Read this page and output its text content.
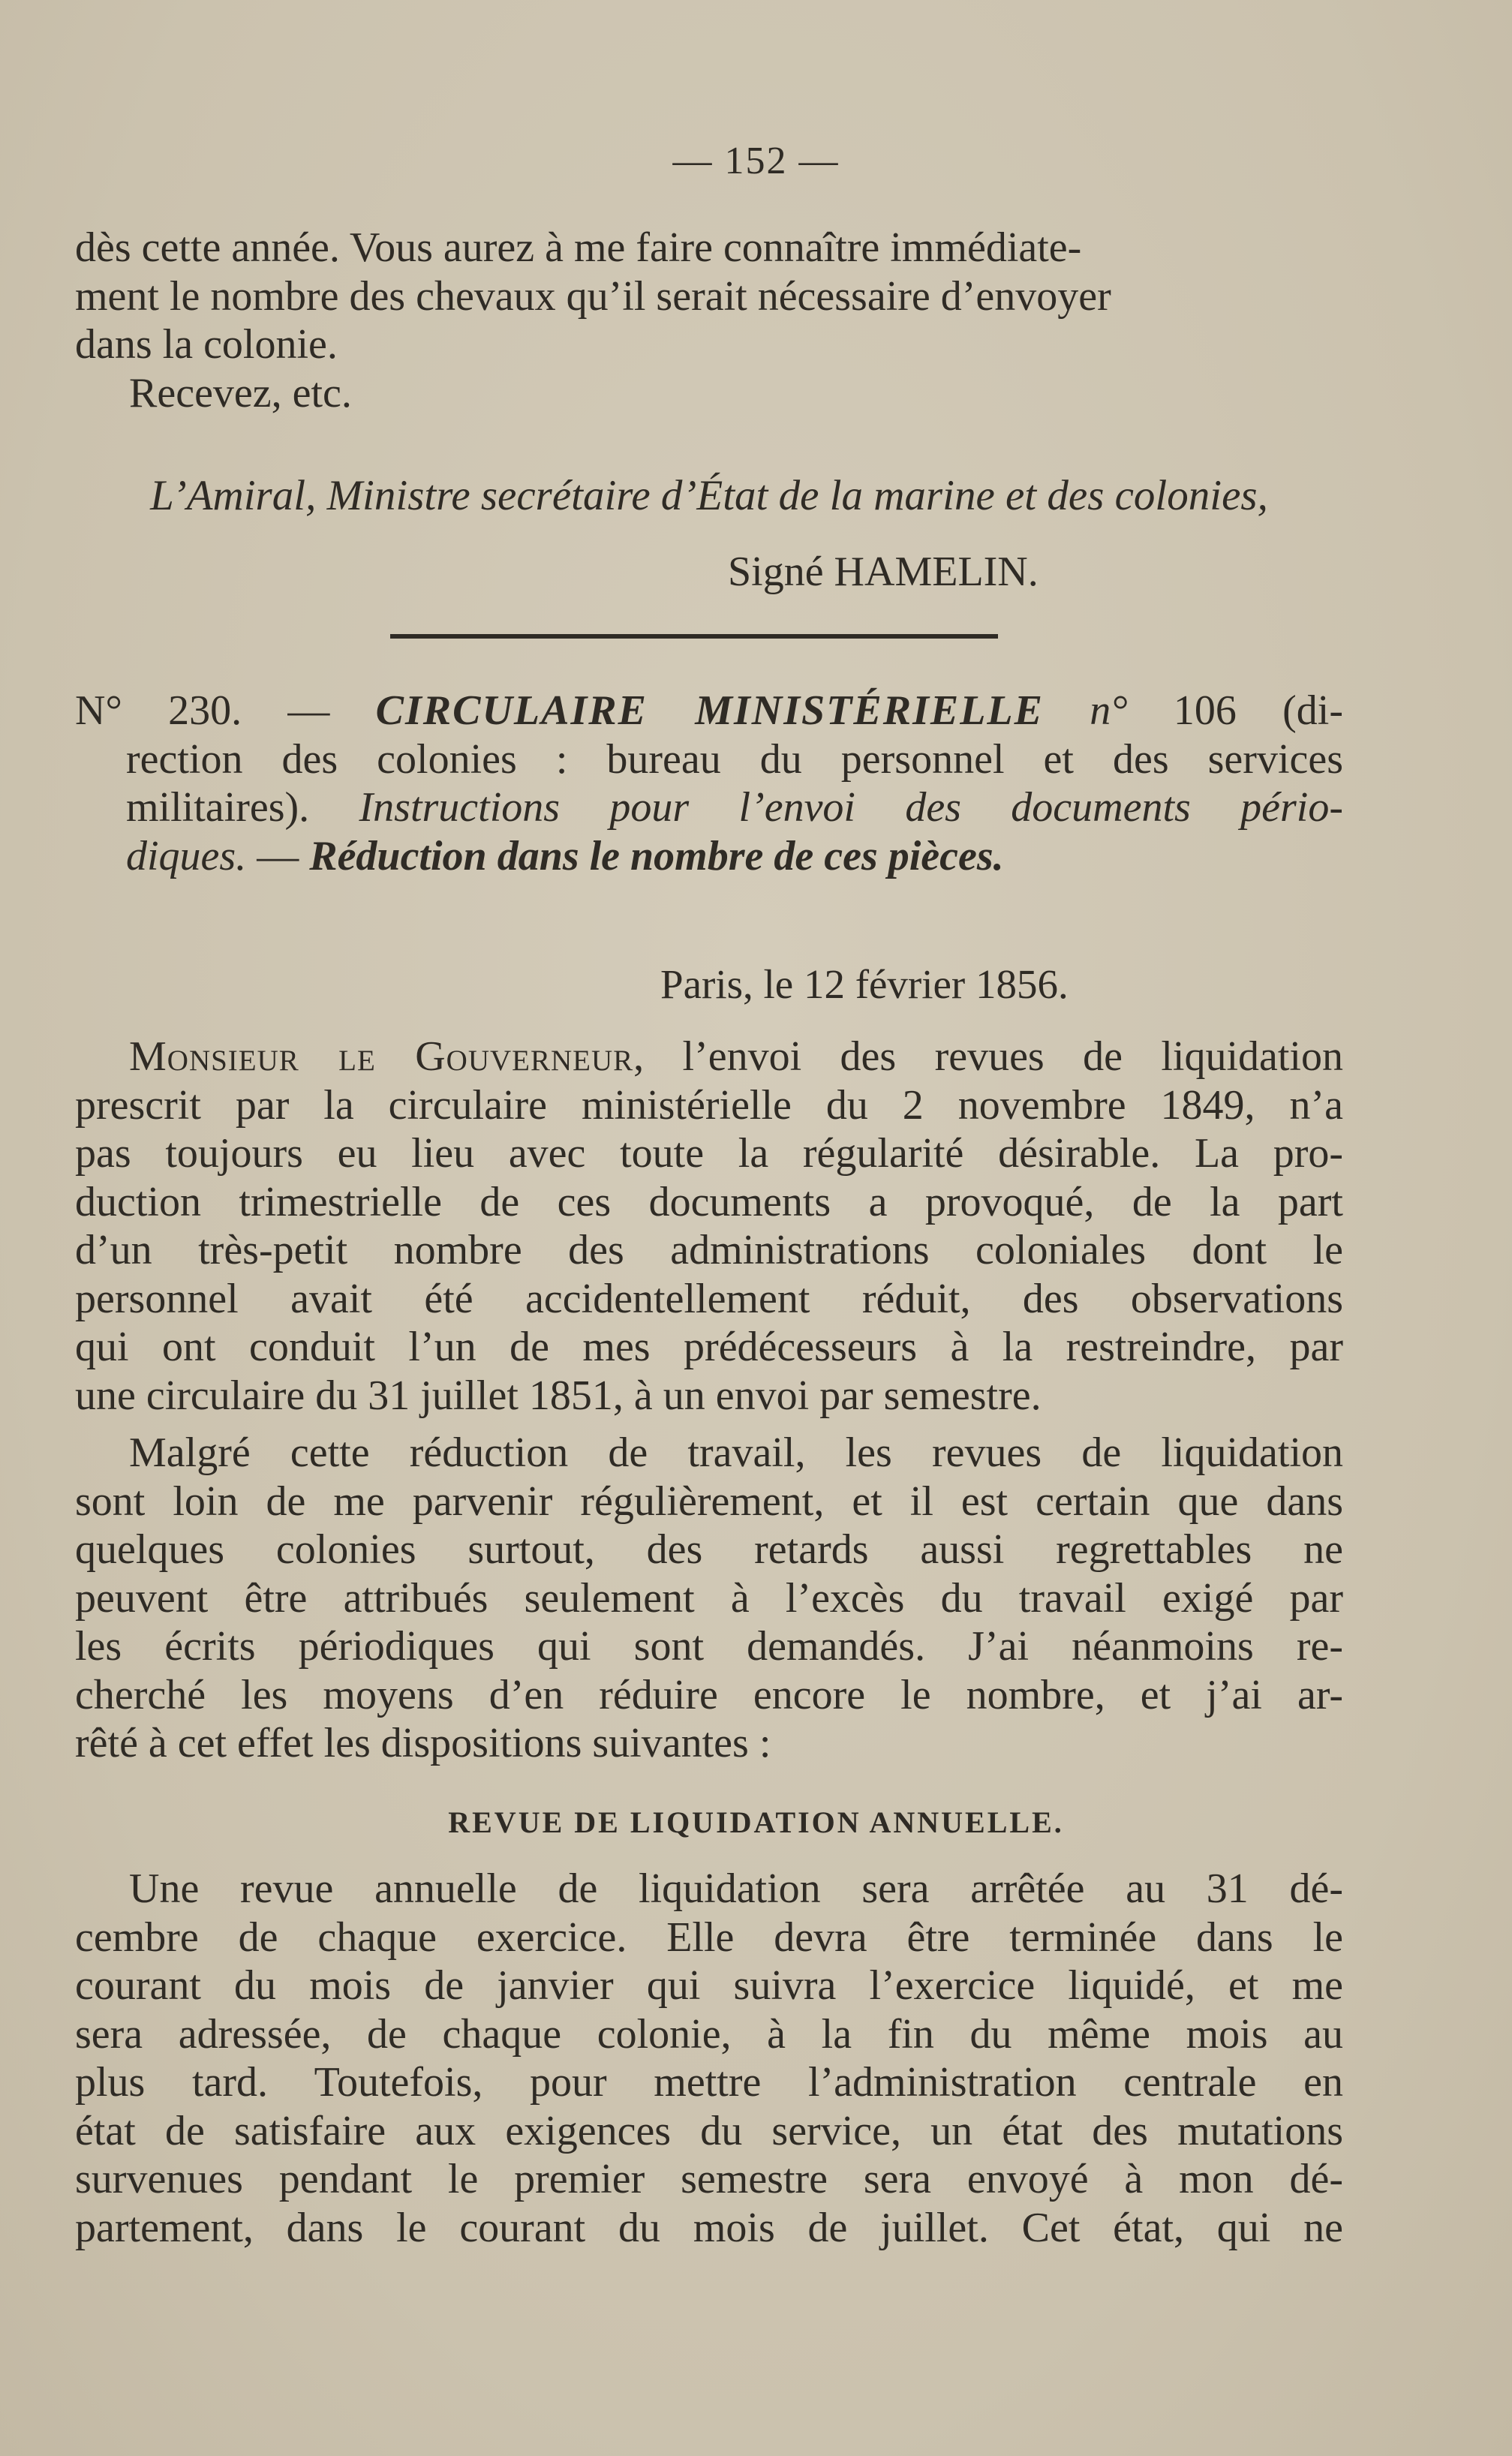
— 152 —
dès cette année. Vous aurez à me faire connaître immédiate-
ment le nombre des chevaux qu’il serait nécessaire d’envoyer
dans la colonie.
Recevez, etc.
L’Amiral, Ministre secrétaire d’État de la marine et des colonies,
Signé HAMELIN.
N° 230. — CIRCULAIRE MINISTÉRIELLE n° 106 (di-
rection des colonies : bureau du personnel et des services
militaires). Instructions pour l’envoi des documents pério-
diques. — Réduction dans le nombre de ces pièces.
Paris, le 12 février 1856.
Monsieur le Gouverneur, l’envoi des revues de liquidation
prescrit par la circulaire ministérielle du 2 novembre 1849, n’a
pas toujours eu lieu avec toute la régularité désirable. La pro-
duction trimestrielle de ces documents a provoqué, de la part
d’un très-petit nombre des administrations coloniales dont le
personnel avait été accidentellement réduit, des observations
qui ont conduit l’un de mes prédécesseurs à la restreindre, par
une circulaire du 31 juillet 1851, à un envoi par semestre.
Malgré cette réduction de travail, les revues de liquidation
sont loin de me parvenir régulièrement, et il est certain que dans
quelques colonies surtout, des retards aussi regrettables ne
peuvent être attribués seulement à l’excès du travail exigé par
les écrits périodiques qui sont demandés. J’ai néanmoins re-
cherché les moyens d’en réduire encore le nombre, et j’ai ar-
rêté à cet effet les dispositions suivantes :
REVUE DE LIQUIDATION ANNUELLE.
Une revue annuelle de liquidation sera arrêtée au 31 dé-
cembre de chaque exercice. Elle devra être terminée dans le
courant du mois de janvier qui suivra l’exercice liquidé, et me
sera adressée, de chaque colonie, à la fin du même mois au
plus tard. Toutefois, pour mettre l’administration centrale en
état de satisfaire aux exigences du service, un état des mutations
survenues pendant le premier semestre sera envoyé à mon dé-
partement, dans le courant du mois de juillet. Cet état, qui ne
